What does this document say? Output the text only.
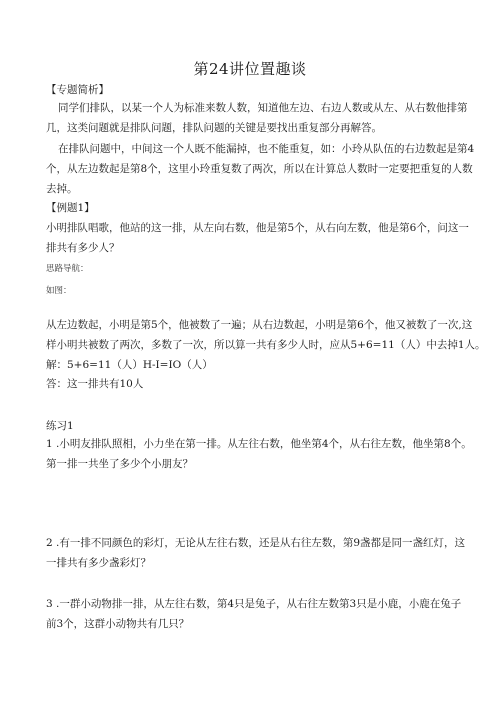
第24讲位置趣谈
【专题简析】
同学们排队，以某一个人为标准来数人数，知道他左边、右边人数或从左、从右数他排第
几，这类问题就是排队问题，排队问题的关键是要找出重复部分再解答。
在排队问题中，中间这一个人既不能漏掉，也不能重复，如：小玲从队伍的右边数起是第4
个，从左边数起是第8个，这里小玲重复数了两次，所以在计算总人数时一定要把重复的人数
去掉。
【例题1】
小明排队唱歌，他站的这一排，从左向右数，他是第5个，从右向左数，他是第6个，问这一
排共有多少人？
思路导航：
如图：
从左边数起，小明是第5个，他被数了一遍；从右边数起，小明是第6个，他又被数了一次,这
样小明共被数了两次，多数了一次，所以算一共有多少人时，应从5+6=11（人）中去掉1人。
解：5+6=11（人）H-I=IO（人）
答：这一排共有10人
练习1
1 .小明友排队照相，小力坐在第一排。从左往右数，他坐第4个，从右往左数，他坐第8个。
第一排一共坐了多少个小朋友？
2 .有一排不同颜色的彩灯，无论从左往右数，还是从右往左数，第9盏都是同一盏红灯，这
一排共有多少盏彩灯？
3 .一群小动物排一排，从左往右数，第4只是兔子，从右往左数第3只是小鹿，小鹿在兔子
前3个，这群小动物共有几只？
